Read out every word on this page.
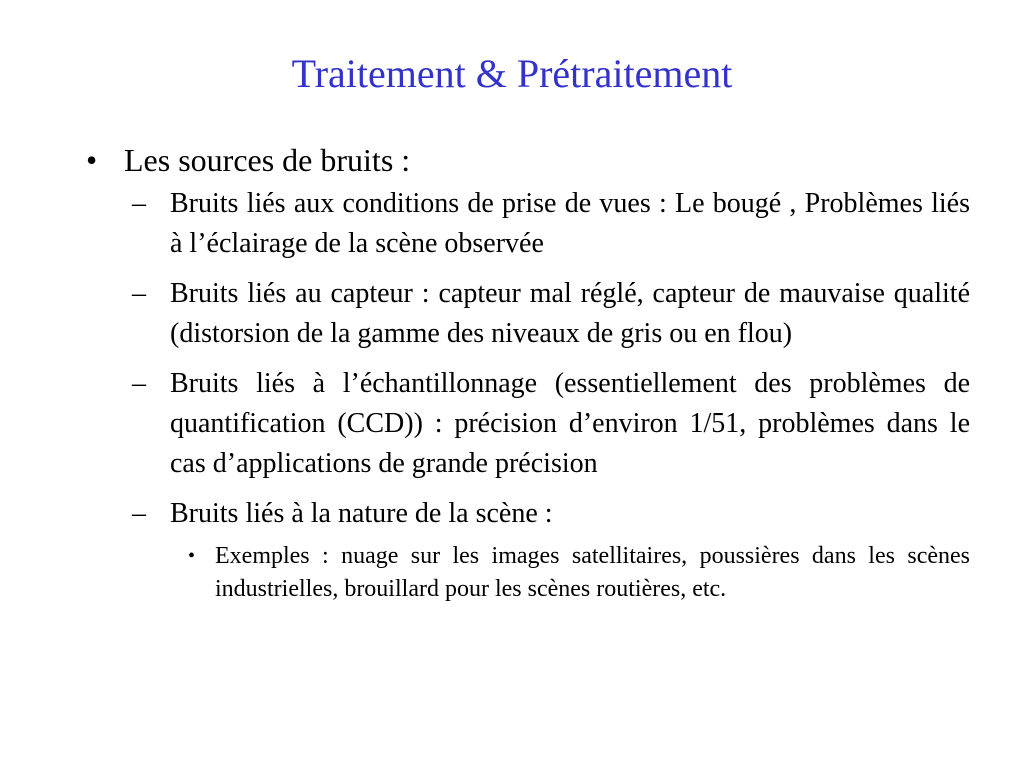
Traitement & Prétraitement
• Les sources de bruits :
– Bruits liés aux conditions de prise de vues : Le bougé , Problèmes liés à l’éclairage de la scène observée
– Bruits liés au capteur : capteur mal réglé, capteur de mauvaise qualité (distorsion de la gamme des niveaux de gris ou en flou)
– Bruits liés à l’échantillonnage (essentiellement des problèmes de quantification (CCD)) : précision d’environ 1/51, problèmes dans le cas d’applications de grande précision
– Bruits liés à la nature de la scène :
• Exemples : nuage sur les images satellitaires, poussières dans les scènes industrielles, brouillard pour les scènes routières, etc.
